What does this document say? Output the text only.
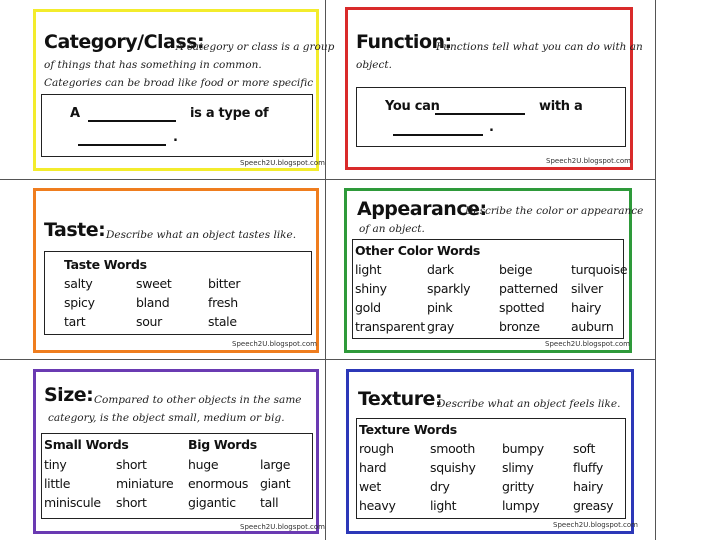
Category/Class:
A category or class is a group
of things that has something in common. Categories can be broad like food or more specific
A	is a type of
.
Speech2U.blogspot.com
Function:
Functions tell what you can do with an
object.
You can	with a
.
Speech2U.blogspot.com
Taste: Describe what an object tastes like.
Taste Words
salty	sweet	bitter
spicy	bland	fresh
tart	sour	stale
Speech2U.blogspot.com
Appearance:
Describe the color or appearance
of an object.
Other Color Words
light	dark	beige	turquoise
shiny	sparkly patterned silver
gold	pink	spotted hairy
transparent gray	bronze auburn
Speech2U.blogspot.com
Size: Compared to other objects in the same
category, is the object small, medium or big.
Small Words	Big Words
tiny	short	huge	large
little	miniature enormous giant
miniscule short	gigantic tall
Speech2U.blogspot.com
Texture:
Describe what an object feels like.
Texture Words
rough	smooth bumpy soft
hard	squishy slimy	fluffy
wet	dry	gritty	hairy
heavy	light	lumpy	greasy
Speech2U.blogspot.com
